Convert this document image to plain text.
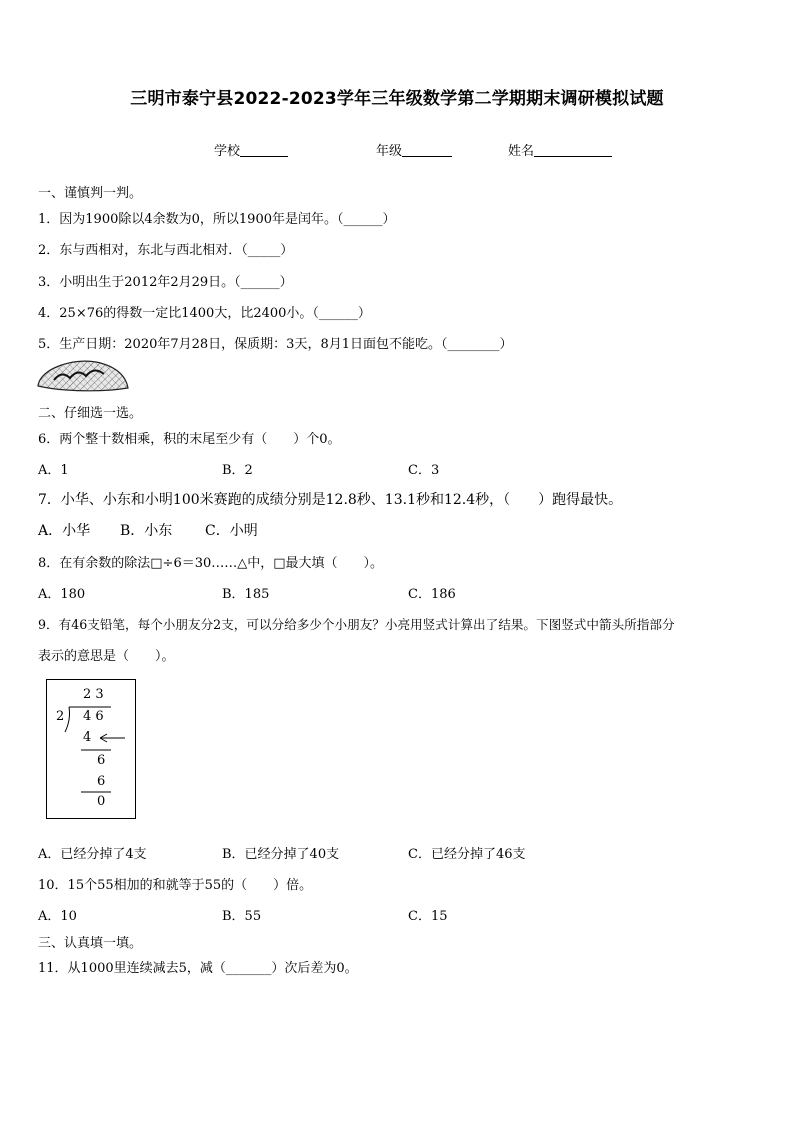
三明市泰宁县2022-2023学年三年级数学第二学期期末调研模拟试题
学校	年级	姓名
一、谨慎判一判。
1．因为1900除以4余数为0，所以1900年是闰年。（______）
2．东与西相对，东北与西北相对．（_____）
3．小明出生于2012年2月29日。（______）
4．25×76的得数一定比1400大，比2400小。（______）
5．生产日期：2020年7月28日，保质期：3天，8月1日面包不能吃。（________）
二、仔细选一选。
6．两个整十数相乘，积的末尾至少有（　　）个0。
A．1	B．2	C．3
7．小华、小东和小明100米赛跑的成绩分别是12.8秒、13.1秒和12.4秒，（　　）跑得最快。
A．小华 B．小东 C．小明
8．在有余数的除法□÷6＝30……△中，□最大填（　　）。
A．180	B．185	C．186
9．有46支铅笔，每个小朋友分2支，可以分给多少个小朋友？小亮用竖式计算出了结果。下图竖式中箭头所指部分
表示的意思是（　　）。
2 3
2 4 6
4
6
6
0
A．已经分掉了4支	B．已经分掉了40支	C．已经分掉了46支
10．15个55相加的和就等于55的（　　）倍。
A．10	B．55	C．15
三、认真填一填。
11．从1000里连续减去5，减（_______）次后差为0。
